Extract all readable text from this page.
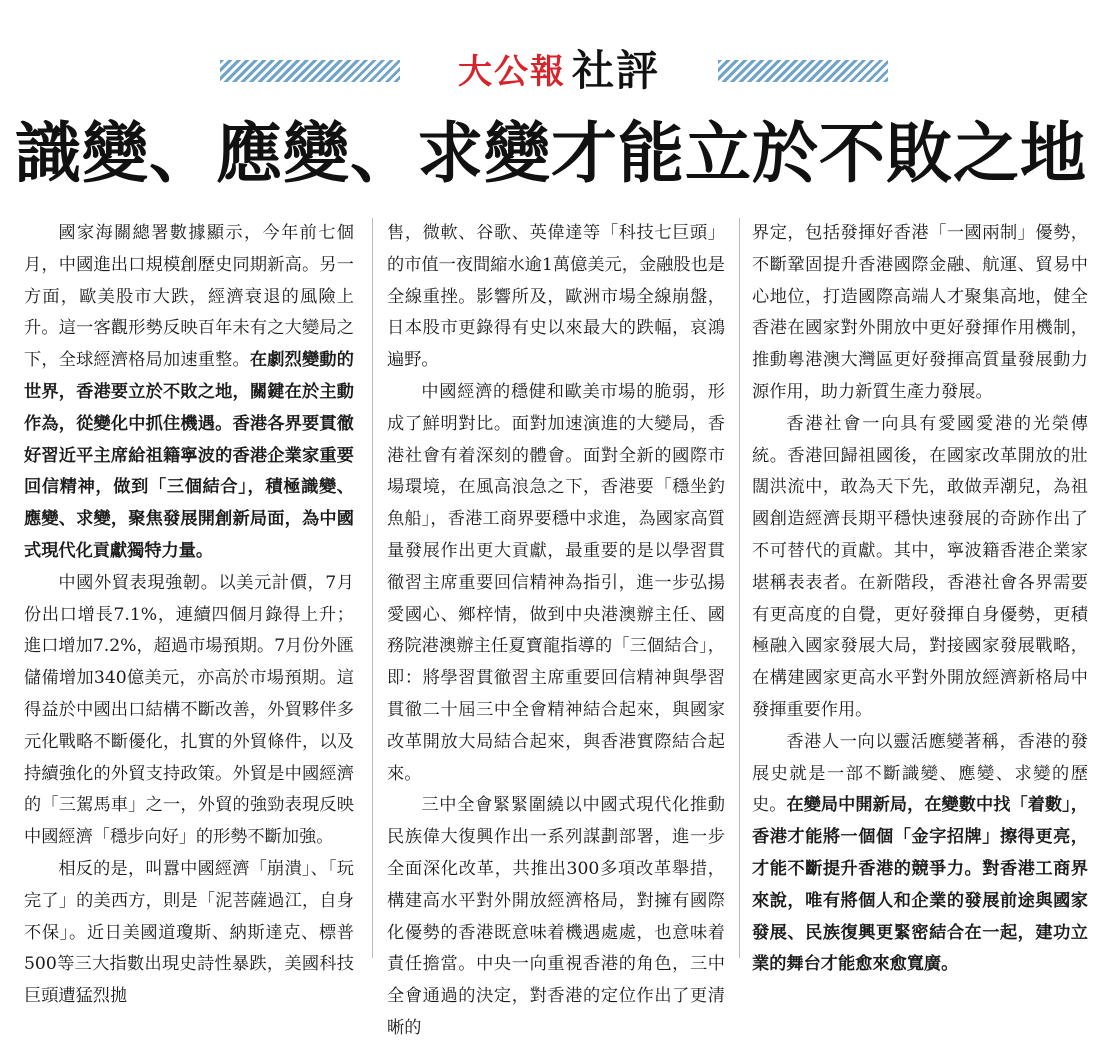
大公報 社評
識變、應變、求變才能立於不敗之地

國家海關總署數據顯示，今年前七個月，中國進出口規模創歷史同期新高。另一方面，歐美股市大跌，經濟衰退的風險上升。這一客觀形勢反映百年未有之大變局之下，全球經濟格局加速重整。在劇烈變動的世界，香港要立於不敗之地，關鍵在於主動作為，從變化中抓住機遇。香港各界要貫徹好習近平主席給祖籍寧波的香港企業家重要回信精神，做到「三個結合」，積極識變、應變、求變，聚焦發展開創新局面，為中國式現代化貢獻獨特力量。

中國外貿表現強韌。以美元計價，7月份出口增長7.1%，連續四個月錄得上升；進口增加7.2%，超過市場預期。7月份外匯儲備增加340億美元，亦高於市場預期。這得益於中國出口結構不斷改善，外貿夥伴多元化戰略不斷優化，扎實的外貿條件，以及持續強化的外貿支持政策。外貿是中國經濟的「三駕馬車」之一，外貿的強勁表現反映中國經濟「穩步向好」的形勢不斷加強。

相反的是，叫囂中國經濟「崩潰」、「玩完了」的美西方，則是「泥菩薩過江，自身不保」。近日美國道瓊斯、納斯達克、標普500等三大指數出現史詩性暴跌，美國科技巨頭遭猛烈拋

售，微軟、谷歌、英偉達等「科技七巨頭」的市值一夜間縮水逾1萬億美元，金融股也是全線重挫。影響所及，歐洲市場全線崩盤，日本股市更錄得有史以來最大的跌幅，哀鴻遍野。

中國經濟的穩健和歐美市場的脆弱，形成了鮮明對比。面對加速演進的大變局，香港社會有着深刻的體會。面對全新的國際市場環境，在風高浪急之下，香港要「穩坐釣魚船」，香港工商界要穩中求進，為國家高質量發展作出更大貢獻，最重要的是以學習貫徹習主席重要回信精神為指引，進一步弘揚愛國心、鄉梓情，做到中央港澳辦主任、國務院港澳辦主任夏寶龍指導的「三個結合」，即：將學習貫徹習主席重要回信精神與學習貫徹二十屆三中全會精神結合起來，與國家改革開放大局結合起來，與香港實際結合起來。

三中全會緊緊圍繞以中國式現代化推動民族偉大復興作出一系列謀劃部署，進一步全面深化改革，共推出300多項改革舉措，構建高水平對外開放經濟格局，對擁有國際化優勢的香港既意味着機遇處處，也意味着責任擔當。中央一向重視香港的角色，三中全會通過的決定，對香港的定位作出了更清晰的

界定，包括發揮好香港「一國兩制」優勢，不斷鞏固提升香港國際金融、航運、貿易中心地位，打造國際高端人才聚集高地，健全香港在國家對外開放中更好發揮作用機制，推動粵港澳大灣區更好發揮高質量發展動力源作用，助力新質生產力發展。

香港社會一向具有愛國愛港的光榮傳統。香港回歸祖國後，在國家改革開放的壯闊洪流中，敢為天下先，敢做弄潮兒，為祖國創造經濟長期平穩快速發展的奇跡作出了不可替代的貢獻。其中，寧波籍香港企業家堪稱表表者。在新階段，香港社會各界需要有更高度的自覺，更好發揮自身優勢，更積極融入國家發展大局，對接國家發展戰略，在構建國家更高水平對外開放經濟新格局中發揮重要作用。

香港人一向以靈活應變著稱，香港的發展史就是一部不斷識變、應變、求變的歷史。在變局中開新局，在變數中找「着數」，香港才能將一個個「金字招牌」擦得更亮，才能不斷提升香港的競爭力。對香港工商界來說，唯有將個人和企業的發展前途與國家發展、民族復興更緊密結合在一起，建功立業的舞台才能愈來愈寬廣。
